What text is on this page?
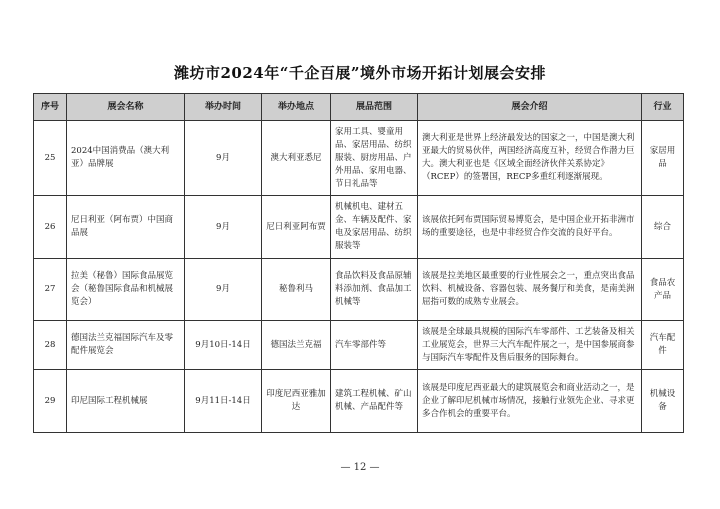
潍坊市2024年“千企百展”境外市场开拓计划展会安排
序号	展会名称	举办时间	举办地点	展品范围	展会介绍	行业
25	2024中国消费品（澳大利亚）品牌展	9月	澳大利亚悉尼	家用工具、婴童用品、家居用品、纺织服装、厨房用品、户外用品、家用电器、节日礼品等	澳大利亚是世界上经济最发达的国家之一，中国是澳大利亚最大的贸易伙伴，两国经济高度互补，经贸合作潜力巨大。澳大利亚也是《区域全面经济伙伴关系协定》（RCEP）的签署国，RECP多重红利逐渐展现。	家居用品
26	尼日利亚（阿布贾）中国商品展	9月	尼日利亚阿布贾	机械机电、建材五金、车辆及配件、家电及家居用品、纺织服装等	该展依托阿布贾国际贸易博览会，是中国企业开拓非洲市场的重要途径，也是中非经贸合作交流的良好平台。	综合
27	拉美（秘鲁）国际食品展览会（秘鲁国际食品和机械展览会）	9月	秘鲁利马	食品饮料及食品原辅料添加剂、食品加工机械等	该展是拉美地区最重要的行业性展会之一，重点突出食品饮料、机械设备、容器包装、展务餐厅和美食，是南美洲屈指可数的成熟专业展会。	食品农产品
28	德国法兰克福国际汽车及零配件展览会	9月10日-14日	德国法兰克福	汽车零部件等	该展是全球最具规模的国际汽车零部件、工艺装备及相关工业展览会，世界三大汽车配件展之一，是中国参展商参与国际汽车零配件及售后服务的国际舞台。	汽车配件
29	印尼国际工程机械展	9月11日-14日	印度尼西亚雅加达	建筑工程机械、矿山机械、产品配件等	该展是印度尼西亚最大的建筑展览会和商业活动之一，是企业了解印尼机械市场情况，接触行业领先企业、寻求更多合作机会的重要平台。	机械设备
— 12 —
